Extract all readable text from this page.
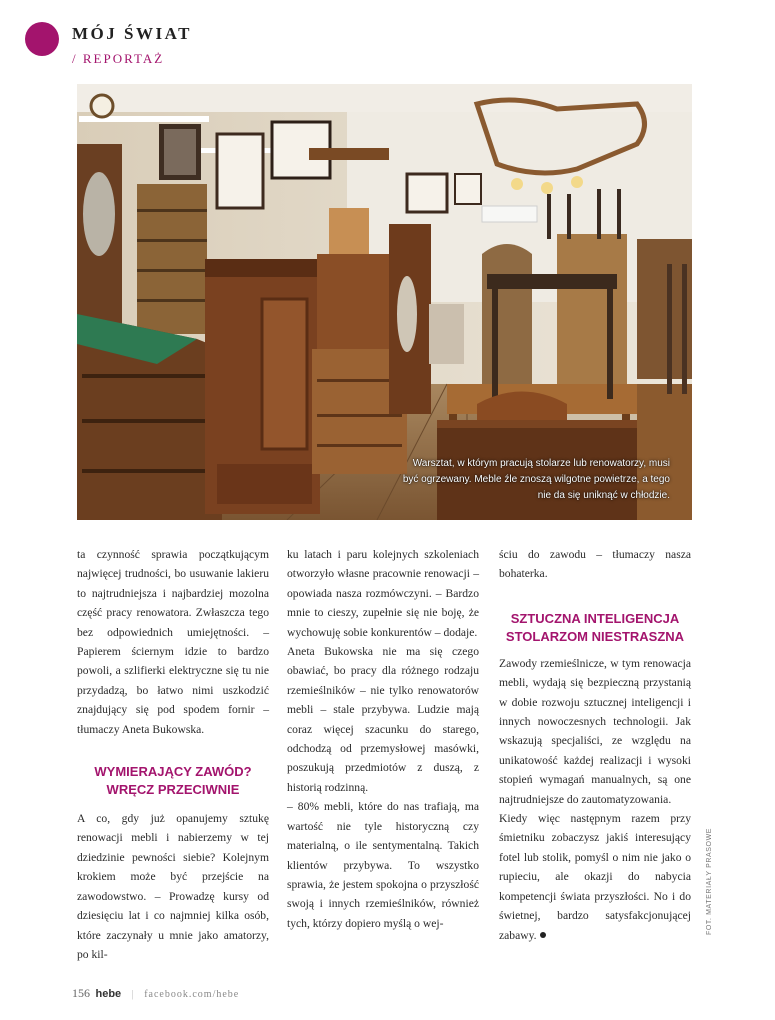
MÓJ ŚWIAT
/ REPORTAŻ
Warsztat, w którym pracują stolarze lub renowatorzy, musi być ogrzewany. Meble źle znoszą wilgotne powietrze, a tego nie da się uniknąć w chłodzie.

ta czynność sprawia początkującym najwięcej trudności, bo usuwanie lakieru to najtrudniejsza i najbardziej mozolna część pracy renowatora. Zwłaszcza tego bez odpowiednich umiejętności. – Papierem ściernym idzie to bardzo powoli, a szlifierki elektryczne się tu nie przydadzą, bo łatwo nimi uszkodzić znajdujący się pod spodem fornir – tłumaczy Aneta Bukowska.

WYMIERAJĄCY ZAWÓD?
WRĘCZ PRZECIWNIE

A co, gdy już opanujemy sztukę renowacji mebli i nabierzemy w tej dziedzinie pewności siebie? Kolejnym krokiem może być przejście na zawodowstwo. – Prowadzę kursy od dziesięciu lat i co najmniej kilka osób, które zaczynały u mnie jako amatorzy, po kil-

ku latach i paru kolejnych szkoleniach otworzyło własne pracownie renowacji – opowiada nasza rozmówczyni. – Bardzo mnie to cieszy, zupełnie się nie boję, że wychowuję sobie konkurentów – dodaje.

Aneta Bukowska nie ma się czego obawiać, bo pracy dla różnego rodzaju rzemieślników – nie tylko renowatorów mebli – stale przybywa. Ludzie mają coraz więcej szacunku do starego, odchodzą od przemysłowej masówki, poszukują przedmiotów z duszą, z historią rodzinną.

– 80% mebli, które do nas trafiają, ma wartość nie tyle historyczną czy materialną, o ile sentymentalną. Takich klientów przybywa. To wszystko sprawia, że jestem spokojna o przyszłość swoją i innych rzemieślników, również tych, którzy dopiero myślą o wej-

ściu do zawodu – tłumaczy nasza bohaterka.

SZTUCZNA INTELIGENCJA
STOLARZOM NIESTRASZNA

Zawody rzemieślnicze, w tym renowacja mebli, wydają się bezpieczną przystanią w dobie rozwoju sztucznej inteligencji i innych nowoczesnych technologii. Jak wskazują specjaliści, ze względu na unikatowość każdej realizacji i wysoki stopień wymagań manualnych, są one najtrudniejsze do zautomatyzowania.

Kiedy więc następnym razem przy śmietniku zobaczysz jakiś interesujący fotel lub stolik, pomyśl o nim nie jako o rupieciu, ale okazji do nabycia kompetencji świata przyszłości. No i do świetnej, bardzo satysfakcjonującej zabawy.	FOT. MATERIAŁY PRASOWE
156 hebe | facebook.com/hebe
